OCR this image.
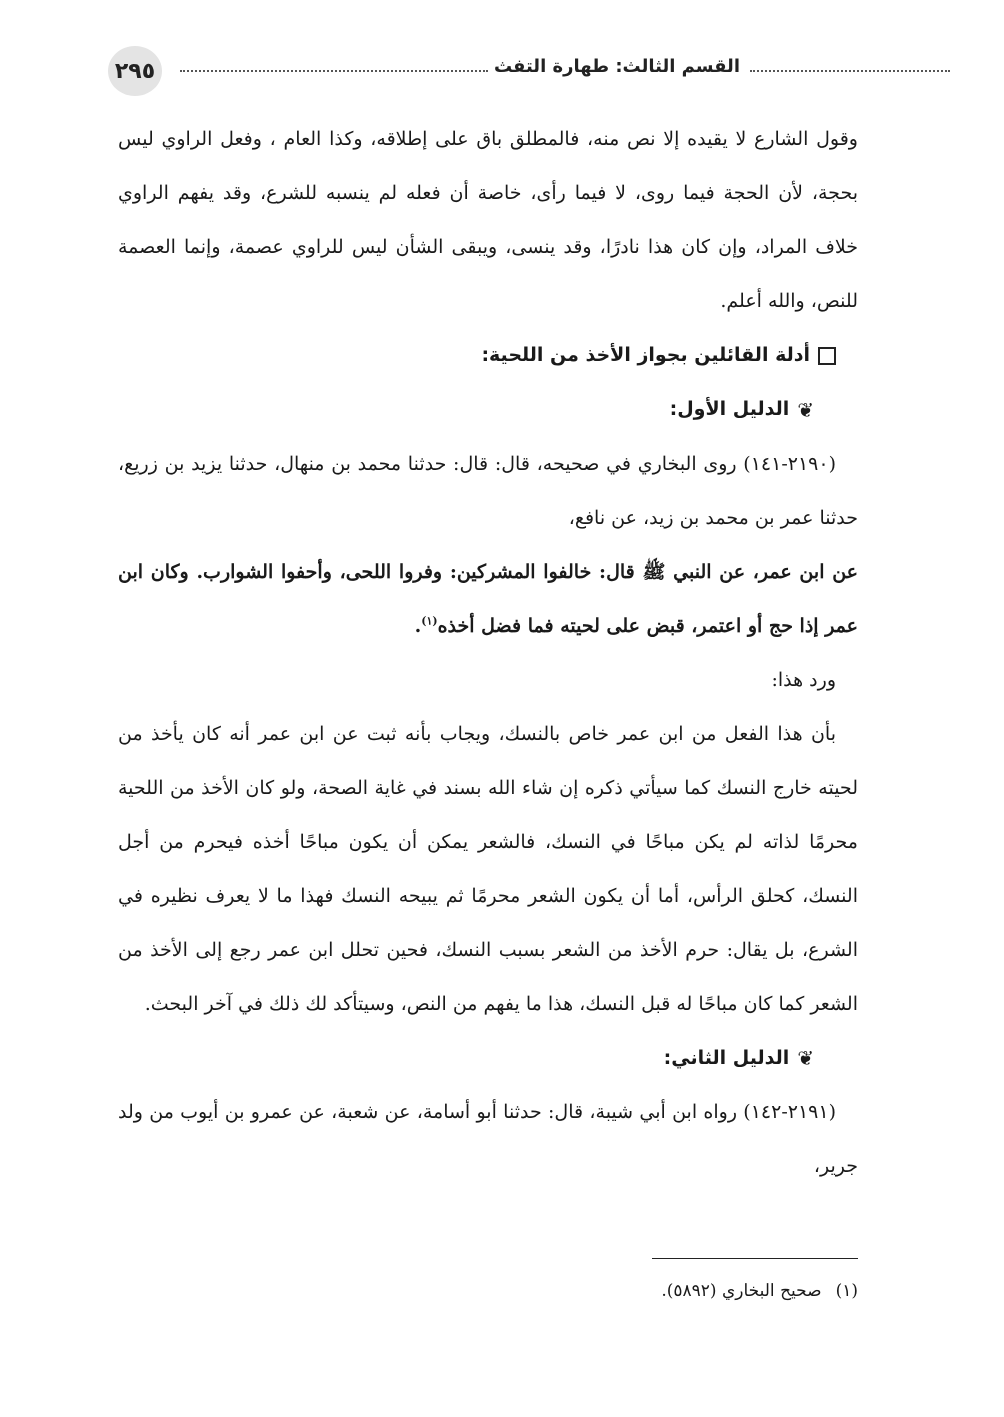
٢٩٥	القسم الثالث: طهارة التفث

وقول الشارع لا يقيده إلا نص منه، فالمطلق باق على إطلاقه، وكذا العام ، وفعل الراوي ليس بحجة، لأن الحجة فيما روى، لا فيما رأى، خاصة أن فعله لم ينسبه للشرع، وقد يفهم الراوي خلاف المراد، وإن كان هذا نادرًا، وقد ينسى، ويبقى الشأن ليس للراوي عصمة، وإنما العصمة للنص، والله أعلم.

أدلة القائلين بجواز الأخذ من اللحية:

❦الدليل الأول:

(٢١٩٠-١٤١) روى البخاري في صحيحه، قال: قال: حدثنا محمد بن منهال، حدثنا يزيد بن زريع، حدثنا عمر بن محمد بن زيد، عن نافع،

عن ابن عمر، عن النبي ﷺ قال: خالفوا المشركين: وفروا اللحى، وأحفوا الشوارب. وكان ابن عمر إذا حج أو اعتمر، قبض على لحيته فما فضل أخذه$^{(١)}$.

ورد هذا:

بأن هذا الفعل من ابن عمر خاص بالنسك، ويجاب بأنه ثبت عن ابن عمر أنه كان يأخذ من لحيته خارج النسك كما سيأتي ذكره إن شاء الله بسند في غاية الصحة، ولو كان الأخذ من اللحية محرمًا لذاته لم يكن مباحًا في النسك، فالشعر يمكن أن يكون مباحًا أخذه فيحرم من أجل النسك، كحلق الرأس، أما أن يكون الشعر محرمًا ثم يبيحه النسك فهذا ما لا يعرف نظيره في الشرع، بل يقال: حرم الأخذ من الشعر بسبب النسك، فحين تحلل ابن عمر رجع إلى الأخذ من الشعر كما كان مباحًا له قبل النسك، هذا ما يفهم من النص، وسيتأكد لك ذلك في آخر البحث.

❦الدليل الثاني:

(٢١٩١-١٤٢) رواه ابن أبي شيبة، قال: حدثنا أبو أسامة، عن شعبة، عن عمرو بن أيوب من ولد جرير،

(١)صحيح البخاري (٥٨٩٢).
